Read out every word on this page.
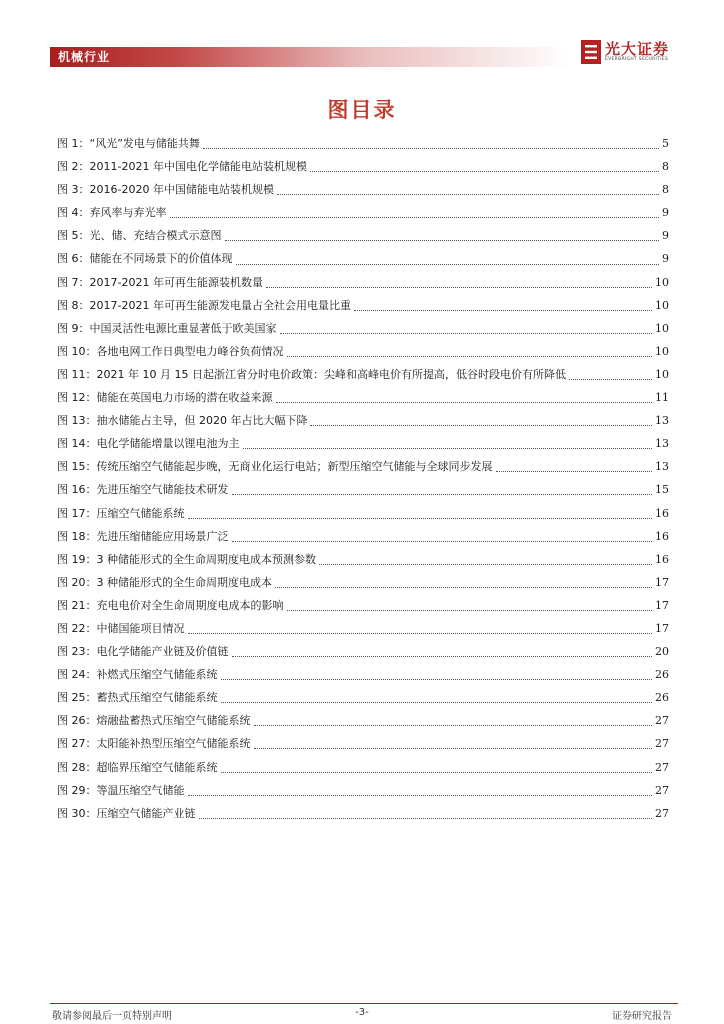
机械行业	光大证券
EVERBRIGHT SECURITIES
图目录
图 1：“风光”发电与储能共舞	5
图 2：2011-2021 年中国电化学储能电站装机规模	8
图 3：2016-2020 年中国储能电站装机规模	8
图 4：弃风率与弃光率	9
图 5：光、储、充结合模式示意图	9
图 6：储能在不同场景下的价值体现	9
图 7：2017-2021 年可再生能源装机数量	10
图 8：2017-2021 年可再生能源发电量占全社会用电量比重	10
图 9：中国灵活性电源比重显著低于欧美国家	10
图 10：各地电网工作日典型电力峰谷负荷情况	10
图 11：2021 年 10 月 15 日起浙江省分时电价政策：尖峰和高峰电价有所提高，低谷时段电价有所降低	10
图 12：储能在英国电力市场的潜在收益来源	11
图 13：抽水储能占主导，但 2020 年占比大幅下降	13
图 14：电化学储能增量以锂电池为主	13
图 15：传统压缩空气储能起步晚，无商业化运行电站；新型压缩空气储能与全球同步发展	13
图 16：先进压缩空气储能技术研发	15
图 17：压缩空气储能系统	16
图 18：先进压缩储能应用场景广泛	16
图 19：3 种储能形式的全生命周期度电成本预测参数	16
图 20：3 种储能形式的全生命周期度电成本	17
图 21：充电电价对全生命周期度电成本的影响	17
图 22：中储国能项目情况	17
图 23：电化学储能产业链及价值链	20
图 24：补燃式压缩空气储能系统	26
图 25：蓄热式压缩空气储能系统	26
图 26：熔融盐蓄热式压缩空气储能系统	27
图 27：太阳能补热型压缩空气储能系统	27
图 28：超临界压缩空气储能系统	27
图 29：等温压缩空气储能	27
图 30：压缩空气储能产业链	27
敬请参阅最后一页特别声明	-3-	证券研究报告
